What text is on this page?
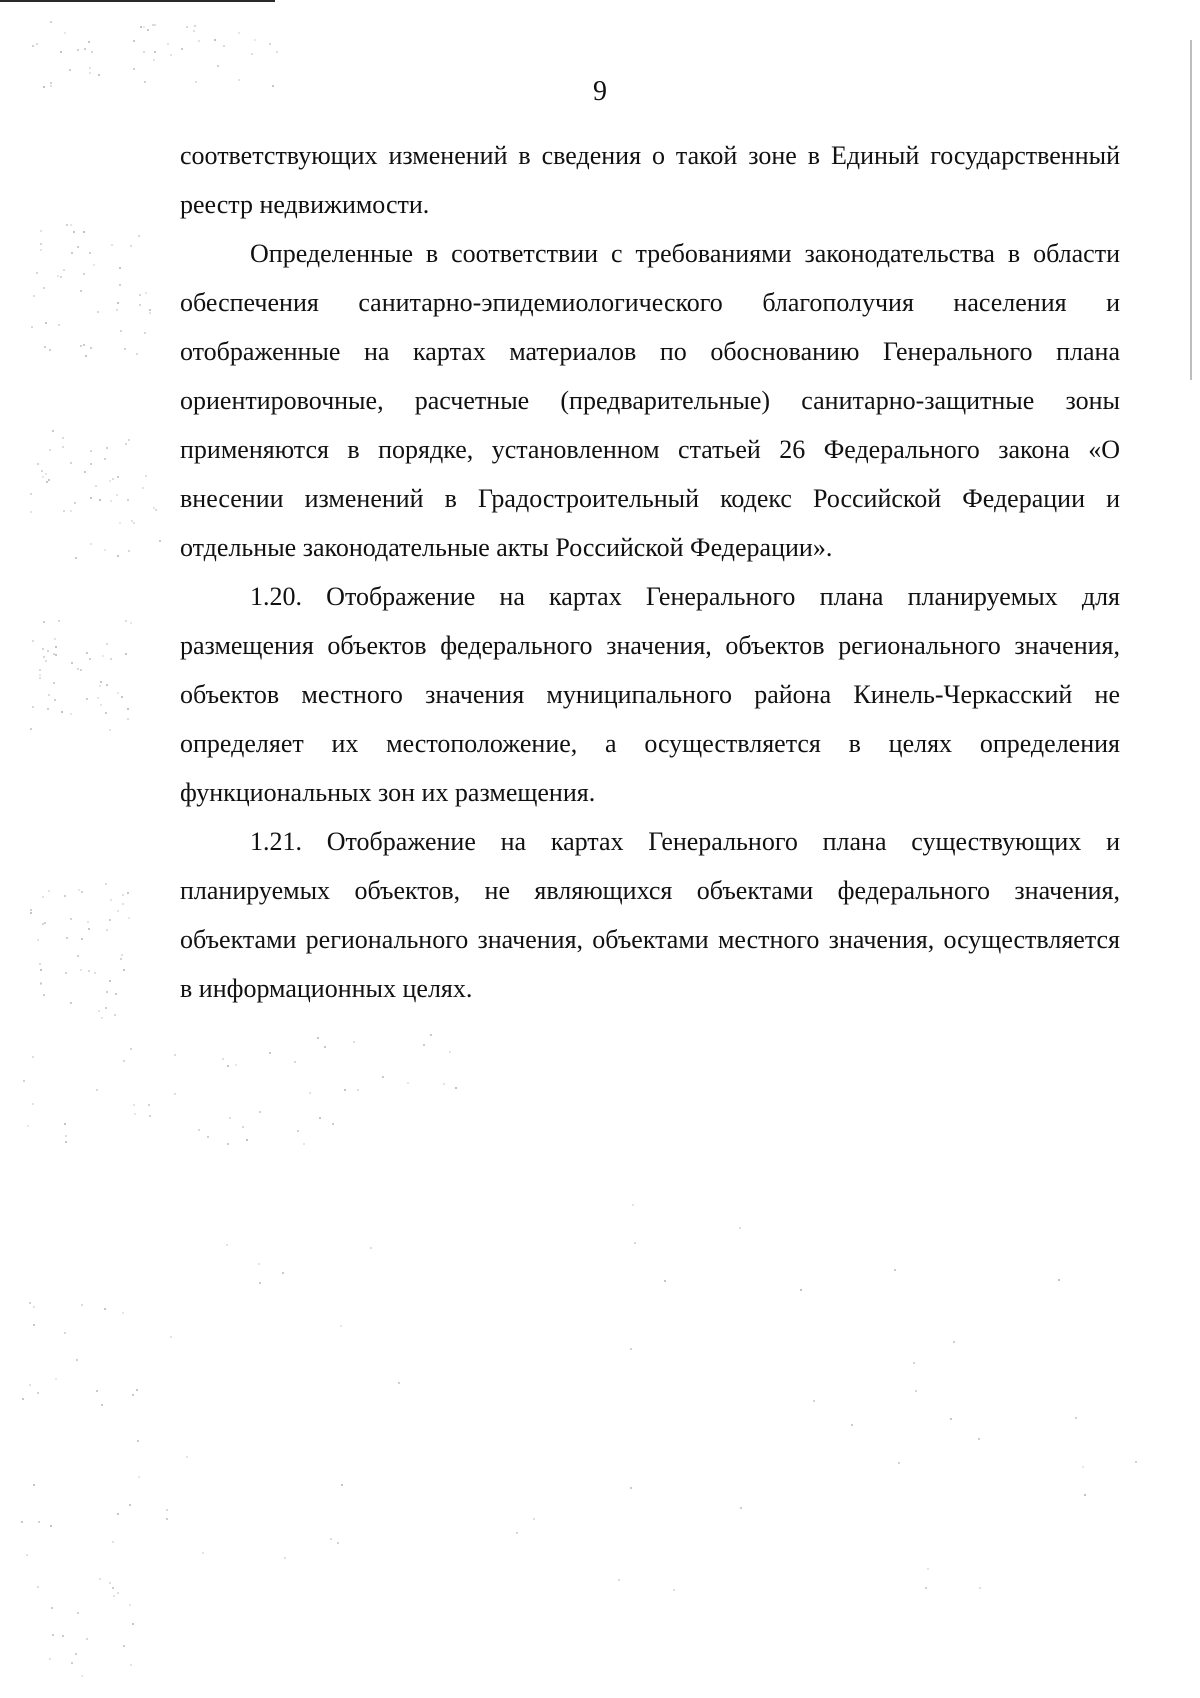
9

соответствующих изменений в сведения о такой зоне в Единый государственный реестр недвижимости.

Определенные в соответствии с требованиями законодательства в области обеспечения санитарно-эпидемиологического благополучия населения и отображенные на картах материалов по обоснованию Генерального плана ориентировочные, расчетные (предварительные) санитарно-защитные зоны применяются в порядке, установленном статьей 26 Федерального закона «О внесении изменений в Градостроительный кодекс Российской Федерации и отдельные законодательные акты Российской Федерации».

1.20. Отображение на картах Генерального плана планируемых для размещения объектов федерального значения, объектов регионального значения, объектов местного значения муниципального района Кинель-Черкасский не определяет их местоположение, а осуществляется в целях определения функциональных зон их размещения.

1.21. Отображение на картах Генерального плана существующих и планируемых объектов, не являющихся объектами федерального значения, объектами регионального значения, объектами местного значения, осуществляется в информационных целях.
